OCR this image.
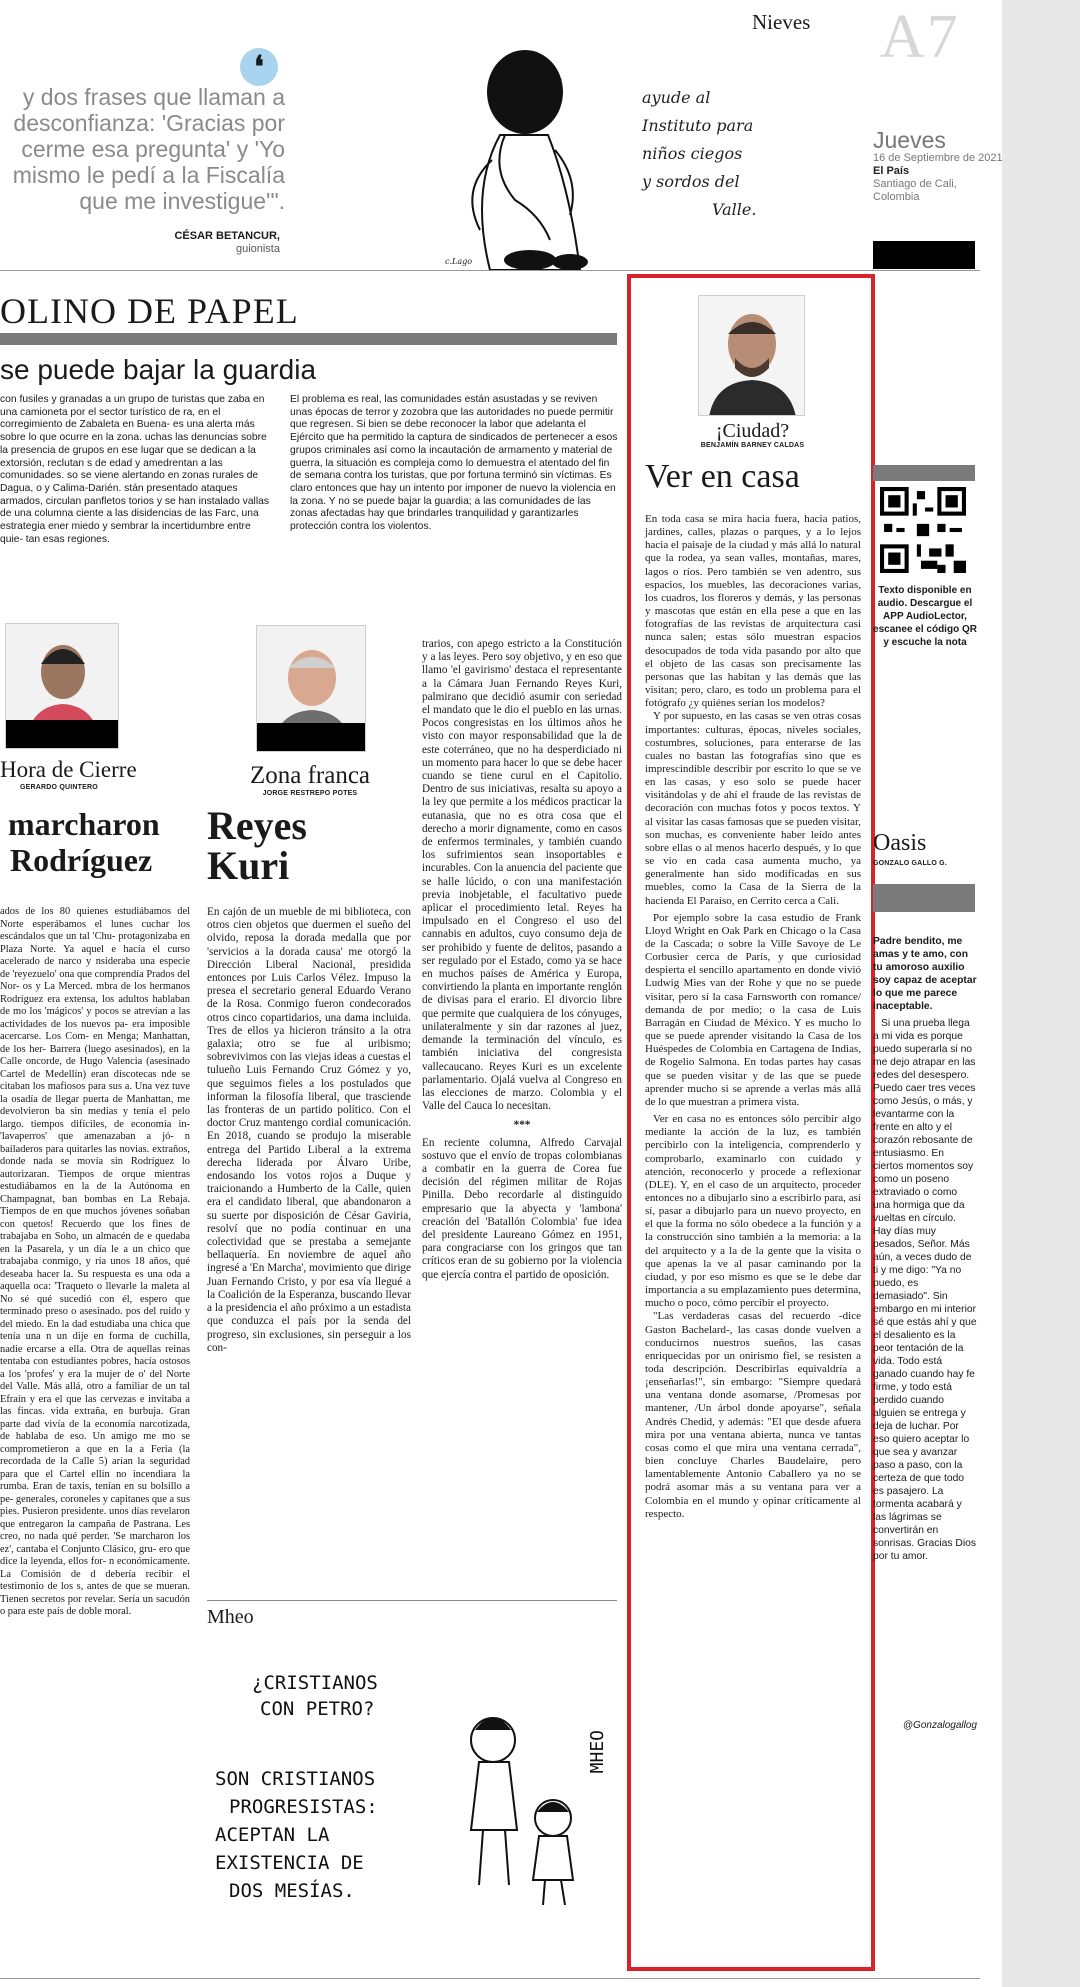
❛
y dos frases que llaman a desconfianza: 'Gracias por cerme esa pregunta' y 'Yo mismo le pedí a la Fiscalía que me investigue'".
CÉSAR BETANCUR,
guionista
ayude al
Instituto para
niños ciegos
y sordos del
Valle.
c.Lago
Nieves A7
Jueves
16 de Septiembre de 2021
El País
Santiago de Cali, Colombia
OLINO DE PAPEL
se puede bajar la guardia
con fusiles y granadas a un grupo de turistas que zaba en una camioneta por el sector turístico de ra, en el corregimiento de Zabaleta en Buena- es una alerta más sobre lo que ocurre en la zona. uchas las denuncias sobre la presencia de grupos en ese lugar que se dedican a la extorsión, reclutan s de edad y amedrentan a las comunidades. so se viene alertando en zonas rurales de Dagua, o y Calima-Darién. stán presentado ataques armados, circulan panfletos torios y se han instalado vallas de una columna ciente a las disidencias de las Farc, una estrategia ener miedo y sembrar la incertidumbre entre quie- tan esas regiones.
El problema es real, las comunidades están asustadas y se reviven unas épocas de terror y zozobra que las autoridades no puede permitir que regresen. Si bien se debe reconocer la labor que adelanta el Ejército que ha permitido la captura de sindicados de pertenecer a esos grupos criminales así como la incautación de armamento y material de guerra, la situación es compleja como lo demuestra el atentado del fin de semana contra los turistas, que por fortuna terminó sin víctimas. Es claro entonces que hay un intento por imponer de nuevo la violencia en la zona. Y no se puede bajar la guardia; a las comunidades de las zonas afectadas hay que brindarles tranquilidad y garantizarles protección contra los violentos.
Hora de Cierre
GERARDO QUINTERO
marcharon
Rodríguez
ados de los 80 quienes estudiábamos del Norte esperábamos el lunes cuchar los escándalos que un tal 'Chu- protagonizaba en Plaza Norte. Ya aquel e hacía el curso acelerado de narco y nsideraba una especie de 'reyezuelo' ona que comprendía Prados del Nor- os y La Merced. mbra de los hermanos Rodríguez era extensa, los adultos hablaban de mo los 'mágicos' y pocos se atrevían a las actividades de los nuevos pa- era imposible acercarse. Los Com- en Menga; Manhattan, de los her- Barrera (luego asesinados), en la Calle oncorde, de Hugo Valencia (asesinado Cartel de Medellín) eran discotecas nde se citaban los mafiosos para sus a. Una vez tuve la osadía de llegar puerta de Manhattan, me devolvieron ba sin medias y tenía el pelo largo. tiempos difíciles, de economía in- 'lavaperros' que amenazaban a jó- n bailaderos para quitarles las novias. extraños, donde nada se movía sin Rodríguez lo autorizaran. Tiempos de orque mientras estudiábamos en la de la Autónoma en Champagnat, ban bombas en La Rebaja. Tiempos de en que muchos jóvenes soñaban con quetos! Recuerdo que los fines de trabajaba en Soho, un almacén de e quedaba en la Pasarela, y un día le a un chico que trabajaba conmigo, y ría unos 18 años, qué deseaba hacer la. Su respuesta es una oda a aquella oca: 'Traqueto o llevarle la maleta al No sé qué sucedió con él, espero que terminado preso o asesinado. pos del ruido y del miedo. En la dad estudiaba una chica que tenía una n un dije en forma de cuchilla, nadie ercarse a ella. Otra de aquellas reinas tentaba con estudiantes pobres, hacía ostosos a los 'profes' y era la mujer de o' del Norte del Valle. Más allá, otro a familiar de un tal Efraín y era el que las cervezas e invitaba a las fincas. vida extraña, en burbuja. Gran parte dad vivía de la economía narcotizada, de hablaba de eso. Un amigo me mo se comprometieron a que en la a Feria (la recordada de la Calle 5) arían la seguridad para que el Cartel ellín no incendiara la rumba. Eran de taxis, tenían en su bolsillo a pe- generales, coroneles y capitanes que a sus pies. Pusieron presidente. unos días revelaron que entregaron la campaña de Pastrana. Les creo, no nada qué perder. 'Se marcharon los ez', cantaba el Conjunto Clásico, gru- ero que dice la leyenda, ellos for- n económicamente. La Comisión de d debería recibir el testimonio de los s, antes de que se mueran. Tienen secretos por revelar. Sería un sacudón o para este país de doble moral.
Zona franca
JORGE RESTREPO POTES
Reyes
Kuri
En cajón de un mueble de mi biblioteca, con otros cien objetos que duermen el sueño del olvido, reposa la dorada medalla que por 'servicios a la dorada causa' me otorgó la Dirección Liberal Nacional, presidida entonces por Luis Carlos Vélez. Impuso la presea el secretario general Eduardo Verano de la Rosa. Conmigo fueron condecorados otros cinco copartidarios, una dama incluida. Tres de ellos ya hicieron tránsito a la otra galaxia; otro se fue al uribismo; sobrevivimos con las viejas ideas a cuestas el tulueño Luis Fernando Cruz Gómez y yo, que seguimos fieles a los postulados que informan la filosofía liberal, que trasciende las fronteras de un partido político. Con el doctor Cruz mantengo cordial comunicación. En 2018, cuando se produjo la miserable entrega del Partido Liberal a la extrema derecha liderada por Álvaro Uribe, endosando los votos rojos a Duque y traicionando a Humberto de la Calle, quien era el candidato liberal, que abandonaron a su suerte por disposición de César Gaviria, resolví que no podía continuar en una colectividad que se prestaba a semejante bellaquería. En noviembre de aquel año ingresé a 'En Marcha', movimiento que dirige Juan Fernando Cristo, y por esa vía llegué a la Coalición de la Esperanza, buscando llevar a la presidencia el año próximo a un estadista que conduzca el país por la senda del progreso, sin exclusiones, sin perseguir a los con-
trarios, con apego estricto a la Constitución y a las leyes. Pero soy objetivo, y en eso que llamo 'el gavirismo' destaca el representante a la Cámara Juan Fernando Reyes Kuri, palmirano que decidió asumir con seriedad el mandato que le dio el pueblo en las urnas. Pocos congresistas en los últimos años he visto con mayor responsabilidad que la de este coterráneo, que no ha desperdiciado ni un momento para hacer lo que se debe hacer cuando se tiene curul en el Capitolio. Dentro de sus iniciativas, resalta su apoyo a la ley que permite a los médicos practicar la eutanasia, que no es otra cosa que el derecho a morir dignamente, como en casos de enfermos terminales, y también cuando los sufrimientos sean insoportables e incurables. Con la anuencia del paciente que se halle lúcido, o con una manifestación previa inobjetable, el facultativo puede aplicar el procedimiento letal. Reyes ha impulsado en el Congreso el uso del cannabis en adultos, cuyo consumo deja de ser prohibido y fuente de delitos, pasando a ser regulado por el Estado, como ya se hace en muchos países de América y Europa, convirtiendo la planta en importante renglón de divisas para el erario. El divorcio libre que permite que cualquiera de los cónyuges, unilateralmente y sin dar razones al juez, demande la terminación del vínculo, es también iniciativa del congresista vallecaucano. Reyes Kuri es un excelente parlamentario. Ojalá vuelva al Congreso en las elecciones de marzo. Colombia y el Valle del Cauca lo necesitan.
***
En reciente columna, Alfredo Carvajal sostuvo que el envío de tropas colombianas a combatir en la guerra de Corea fue decisión del régimen militar de Rojas Pinilla. Debo recordarle al distinguido empresario que la abyecta y 'lambona' creación del 'Batallón Colombia' fue idea del presidente Laureano Gómez en 1951, para congraciarse con los gringos que tan críticos eran de su gobierno por la violencia que ejercía contra el partido de oposición.
Mheo
¿CRISTIANOS
CON PETRO?
SON CRISTIANOS
PROGRESISTAS:
ACEPTAN LA
EXISTENCIA DE
DOS MESÍAS.
MHEO
¡Ciudad?
BENJAMÍN BARNEY CALDAS
Ver en casa

En toda casa se mira hacia fuera, hacia patios, jardines, calles, plazas o parques, y a lo lejos hacia el paisaje de la ciudad y más allá lo natural que la rodea, ya sean valles, montañas, mares, lagos o ríos. Pero también se ven adentro, sus espacios, los muebles, las decoraciones varias, los cuadros, los floreros y demás, y las personas y mascotas que están en ella pese a que en las fotografías de las revistas de arquitectura casi nunca salen; estas sólo muestran espacios desocupados de toda vida pasando por alto que el objeto de las casas son precisamente las personas que las habitan y las demás que las visitan; pero, claro, es todo un problema para el fotógrafo ¿y quiénes serían los modelos?

Y por supuesto, en las casas se ven otras cosas importantes: culturas, épocas, niveles sociales, costumbres, soluciones, para enterarse de las cuales no bastan las fotografías sino que es imprescindible describir por escrito lo que se ve en las casas, y eso solo se puede hacer visitándolas y de ahí el fraude de las revistas de decoración con muchas fotos y pocos textos. Y al visitar las casas famosas que se pueden visitar, son muchas, es conveniente haber leído antes sobre ellas o al menos hacerlo después, y lo que se vio en cada casa aumenta mucho, ya generalmente han sido modificadas en sus muebles, como la Casa de la Sierra de la hacienda El Paraíso, en Cerrito cerca a Cali.

Por ejemplo sobre la casa estudio de Frank Lloyd Wright en Oak Park en Chicago o la Casa de la Cascada; o sobre la Ville Savoye de Le Corbusier cerca de París, y que curiosidad despierta el sencillo apartamento en donde vivió Ludwig Mies van der Rohe y que no se puede visitar, pero sí la casa Farnsworth con romance/ demanda de por medio; o la casa de Luis Barragán en Ciudad de México. Y es mucho lo que se puede aprender visitando la Casa de los Huéspedes de Colombia en Cartagena de Indias, de Rogelio Salmona. En todas partes hay casas que se pueden visitar y de las que se puede aprender mucho si se aprende a verlas más allá de lo que muestran a primera vista.

Ver en casa no es entonces sólo percibir algo mediante la acción de la luz, es también percibirlo con la inteligencia, comprenderlo y comprobarlo, examinarlo con cuidado y atención, reconocerlo y procede a reflexionar (DLE). Y, en el caso de un arquitecto, proceder entonces no a dibujarlo sino a escribirlo para, así sí, pasar a dibujarlo para un nuevo proyecto, en el que la forma no sólo obedece a la función y a la construcción sino también a la memoria: a la del arquitecto y a la de la gente que la visita o que apenas la ve al pasar caminando por la ciudad, y por eso mismo es que se le debe dar importancia a su emplazamiento pues determina, mucho o poco, cómo percibir el proyecto.

"Las verdaderas casas del recuerdo -dice Gaston Bachelard-, las casas donde vuelven a conducirnos nuestros sueños, las casas enriquecidas por un onirismo fiel, se resisten a toda descripción. Describirlas equivaldría a ¡enseñarlas!", sin embargo: "Siempre quedará una ventana donde asomarse, /Promesas por mantener, /Un árbol donde apoyarse", señala Andrés Chedid, y además: "El que desde afuera mira por una ventana abierta, nunca ve tantas cosas como el que mira una ventana cerrada", bien concluye Charles Baudelaire, pero lamentablemente Antonio Caballero ya no se podrá asomar más a su ventana para ver a Colombia en el mundo y opinar críticamente al respecto.

Texto disponible en audio. Descargue el APP AudioLector, escanee el código QR y escuche la nota
Oasis
GONZALO GALLO G.
Padre bendito, me amas y te amo, con tu amoroso auxilio soy capaz de aceptar lo que me parece inaceptable.
Si una prueba llega a mi vida es porque puedo superarla si no me dejo atrapar en las redes del desespero. Puedo caer tres veces como Jesús, o más, y levantarme con la frente en alto y el corazón rebosante de entusiasmo. En ciertos momentos soy como un poseno extraviado o como una hormiga que da vueltas en círculo. Hay días muy pesados, Señor. Más aún, a veces dudo de ti y me digo: "Ya no puedo, es demasiado". Sin embargo en mi interior sé que estás ahí y que el desaliento es la peor tentación de la vida. Todo está ganado cuando hay fe firme, y todo está perdido cuando alguien se entrega y deja de luchar. Por eso quiero aceptar lo que sea y avanzar paso a paso, con la certeza de que todo es pasajero. La tormenta acabará y las lágrimas se convertirán en sonrisas. Gracias Dios por tu amor.
@Gonzalogallog
